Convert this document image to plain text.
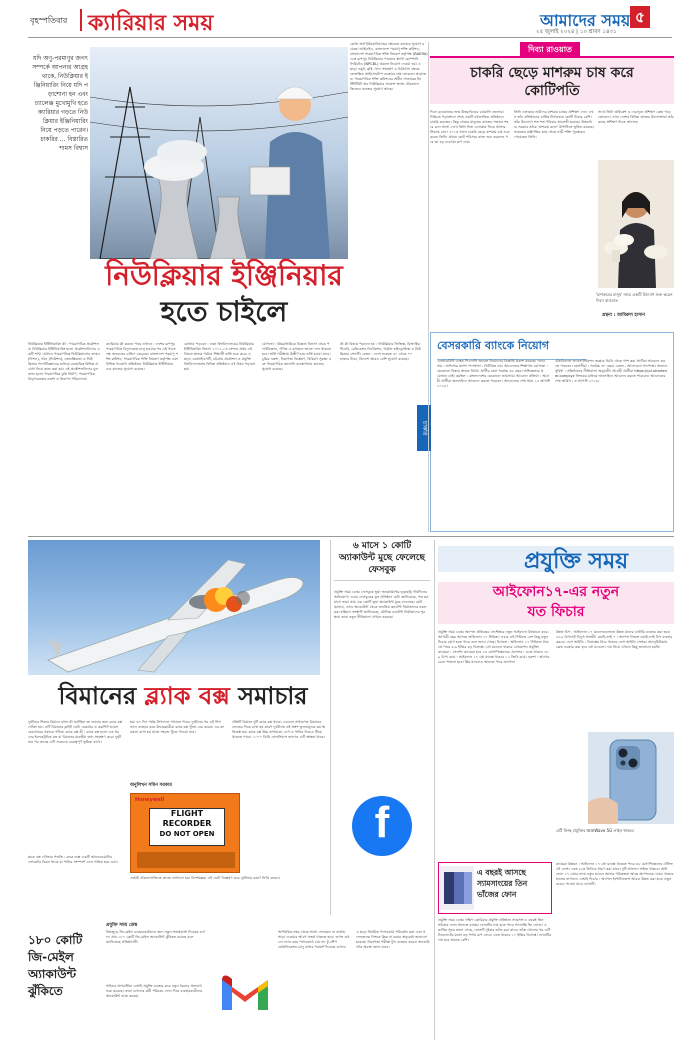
বৃহস্পতিবার ক্যারিয়ার সময়	আমাদের সময় ৫
২৫ জুলাই ২০২৪ | ১০ শ্রাবণ ১৪৩১
যদি অণু-পরমাণুর জগৎ সম্পর্কে আপনার আগ্রহ থাকে, নিউক্লিয়ার ইঞ্জিনিয়ারিং নিয়ে যদি পড়াশোনা হন এবং চ্যালেঞ্জ মুখোমুখি হতে ক্যারিয়ার গড়তে নিউক্লিয়ার ইঞ্জিনিয়ারিং নিয়ে পড়তে পারেন। চাকরির ... বিস্তারিত শামস বিশ্বাস
নিউক্লিয়ার ইঞ্জিনিয়ার
হতে চাইলে
নিউক্লিয়ার ইঞ্জিনিয়ারিং কী : পারমাণবিক প্রকৌশল বা নিউক্লিয়ার ইঞ্জিনিয়ারিং হলো প্রকৌশলবিদ্যার একটি শাখা যেখানে পারমাণবিক নিউক্লিয়াসের ভাঙন (ফিশন), গঠন (ফিউশন), তেজস্ক্রিয়তা ও নিউক্লিয়ার পদার্থবিজ্ঞানের মাধ্যমে ব্যবহারিক বিভিন্ন প্রয়োগ নিয়ে কাজ করা হয়। এই প্রকৌশলবিদ্যার মূল কাজ হলো পারমাণবিক চুল্লি নির্মাণ, পারমাণবিক বিদ্যুৎকেন্দ্রের নকশা ও নিরাপদ পরিচালনা।
ক্যারিয়ার কী করতে পারে ওখানে : দেশের রূপপুর পারমাণবিক বিদ্যুৎকেন্দ্র চালু হওয়ার পর এই খাতে দক্ষ জনবলের চাহিদা বেড়েছে। বাংলাদেশ পরমাণু শক্তি কমিশন, পারমাণবিক শক্তি নিয়ন্ত্রণ কর্তৃপক্ষ এবং বিভিন্ন গবেষণা প্রতিষ্ঠানে নিউক্লিয়ার ইঞ্জিনিয়ারদের কাজের সুযোগ রয়েছে।
কোথায় পড়বেন : ঢাকা বিশ্ববিদ্যালয়ের নিউক্লিয়ার ইঞ্জিনিয়ারিং বিভাগ ২০১২-১৩ সেশনে প্রথম এই বিষয়ে স্নাতক পর্যায়ে শিক্ষার্থী ভর্তি শুরু করে। এ ছাড়া এমআইএসটি, চট্টগ্রাম প্রকৌশল ও প্রযুক্তি বিশ্ববিদ্যালয়সহ বিভিন্ন প্রতিষ্ঠানে এই বিষয় পড়ানো হয়।
যোগ্যতা : উচ্চমাধ্যমিকে বিজ্ঞান বিভাগ থেকে পদার্থবিজ্ঞান, গণিত ও রসায়নে ভালো ফল থাকতে হবে। ভর্তি পরীক্ষায় উত্তীর্ণ হয়ে ভর্তি হওয়া যাবে। চুল্লির নকশা, নিরাপত্তা বিশ্লেষণ, বিকিরণ সুরক্ষা এবং পারমাণবিক জ্বালানি ব্যবস্থাপনায় কাজের সুযোগ রয়েছে।
কী কী বিষয়ে পড়ানো হয় : নিউক্লিয়ার ফিজিক্স, রিঅ্যাক্টর থিওরি, রেডিয়েশন ডিটেকশন, থার্মাল হাইড্রোলিক্স ও নিউক্লিয়ার সেফটি। বেতন : দেশে শুরুতে ৪০ থেকে ৭০ হাজার টাকা, বিদেশে আরও বেশি সুযোগ রয়েছে।
কোথা অর্থ ইউরোনিয়ামের ক্ষেত্রেও কাজের সুযোগ রয়েছে। আইএইএ, বাংলাদেশ পরমাণু শক্তি কমিশন, বাংলাদেশ পারমাণবিক শক্তি নিয়ন্ত্রণ কর্তৃপক্ষ (BAERA) এবং রূপপুর নিউক্লিয়ার পাওয়ার প্ল্যান্ট কোম্পানি লিমিটেড (NPCBL) প্রকল্পে নিয়োগ দেওয়া হয়। এ ছাড়া ওষুধ, কৃষি, খাদ্য সংরক্ষণ ও চিকিৎসা ক্ষেত্রে তেজস্ক্রিয় আইসোটোপ ব্যবহারে দক্ষ লোকবল প্রয়োজন। পারমাণবিক শক্তি কমিশনের অধীন সাভারের ইনস্টিটিউট অব নিউক্লিয়ার সায়েন্স অ্যান্ড টেকনোলজিতেও কাজের সুযোগ আছে।
দিব্যা রাওয়াত
চাকরি ছেড়ে মাশরুম চাষ করে কোটিপতি
দিব্যা রাওয়াতের জন্ম উত্তরাখণ্ডের চামোলি জেলায়। দিল্লিতে পড়াশোনা শেষে একটি বহুজাতিক প্রতিষ্ঠানে চাকরি করতেন। কিন্তু গ্রামের মানুষের কাজের সন্ধানে শহরে চলে আসা দেখে তিনি নিজ এলাকায় ফিরে আসার সিদ্ধান্ত নেন। ২০১৩ সালে চাকরি ছেড়ে মাশরুম চাষ শুরু করেন তিনি। প্রথমে ছোট পরিসরে কাজ শুরু করলেও পরে তা বড় ব্যবসায় রূপ নেয়।
তিনি এলাকার নারীদের মাশরুম চাষের প্রশিক্ষণ দেন। এখন তাঁর প্রতিষ্ঠানের বার্ষিক টার্নওভার কোটি টাকার বেশি। তাঁর উদ্যোগে শত শত পরিবার স্বাবলম্বী হয়েছে। উত্তরাখণ্ড সরকার তাঁকে 'মাশরুম কন্যা' উপাধিতে ভূষিত করেছে। ভারতের রাষ্ট্রপতির কাছ থেকে নারী শক্তি পুরস্কারও পেয়েছেন তিনি।
সাথে তিনি ঋষিকেশ ও দেরাদুনে প্রশিক্ষণ কেন্দ্র গড়ে তোলেন। এখন দেশের বিভিন্ন প্রান্তের উদ্যোক্তারা তাঁর কাছে প্রশিক্ষণ নিতে আসেন।
'মাশরুমের মানুষ' নামে একটি উদ্যোগ শুরু করেন দিব্যা রাওয়াত
গ্রন্থনা : আমিরুল হাসান
বেসরকারি ব্যাংকে নিয়োগ
চাকরি
এনআরবিসি ব্যাংক পিএলসি জনবল নিয়োগের বিজ্ঞপ্তি প্রকাশ করেছে। পদের নাম : অফিসার ক্যাশ। পদসংখ্যা : নির্ধারিত নয়। আবেদনের শিক্ষাগত যোগ্যতা : যেকোনো বিষয়ে স্নাতক ডিগ্রি। প্রার্থীর বয়স সর্বোচ্চ ৩২ বছর। অভিজ্ঞতার প্রয়োজন নেই। কর্মস্থল : বাংলাদেশের যেকোনো জায়গায়। আবেদন প্রক্রিয়া : আগ্রহী প্রার্থীরা অনলাইনে আবেদন করতে পারবেন। আবেদনের শেষ সময় ১৫ আগস্ট ২০২৪।
টেকনিক্যাল অ্যাসোসিয়েশন জব্বার ডিগ্রি থেকে পাশ করা প্রার্থীরা আবেদন করতে পারবেন। বয়সসীমা : সর্বোচ্চ ৩০ বছর। বেতন : আলোচনা সাপেক্ষে। অন্যান্য সুবিধা : প্রতিষ্ঠানের নীতিমালা অনুযায়ী। আগ্রহী প্রার্থীরা https://url-shortener.com/xyz লিংকের মাধ্যমে অনলাইনে আবেদন করতে পারবেন। আবেদনের শেষ তারিখ : ৩ আগস্ট ২০২৪।
বিমানের ব্ল্যাক বক্স সমাচার
দুর্ঘটনার শিকার বিমানে কখন কী ঘটেছিল তা জানার জন্য ব্ল্যাক বক্স খোঁজা হয়। এটি বিমানের ফ্লাইট ডেটা রেকর্ডার ও ককপিট ভয়েস রেকর্ডারের সমন্বয়ে গঠিত। ব্ল্যাক বক্স কী : ব্ল্যাক বক্স হলো এক ধরনের ইলেকট্রনিক যন্ত্র যা বিমানের যাবতীয় তথ্য সংরক্ষণ করে। দুর্ঘটনার পর তদন্তে এটি সবচেয়ে গুরুত্বপূর্ণ ভূমিকা রাখে।
হয়। ৩০ দিন পর্যন্ত সিগন্যাল পাঠাতে পারে। দুর্ঘটনার পর এই সিগন্যাল ব্যবহার করে উদ্ধারকারীরা ব্ল্যাক বক্স খুঁজে বের করেন। এর রং কমলা রাখা হয় যাতে সহজে খুঁজে পাওয়া যায়।
অনুলিখন সমিন সরকার
প্রতিটি বিমানে দুটি ব্ল্যাক বক্স থাকে। এগুলো সাধারণত বিমানের লেজের দিকে রাখা হয় কারণ দুর্ঘটনায় ওই অংশ তুলনামূলক কম ক্ষতিগ্রস্ত হয়। ব্ল্যাক বক্স উচ্চ তাপমাত্রা, চাপ ও পানির নিচেও টিকে থাকতে পারে। ১১০০ ডিগ্রি সেলসিয়াস তাপেও এটি অক্ষত থাকে।
Honeywell
FLIGHT
RECORDER
DO NOT OPEN
ব্ল্যাক বক্স খোঁজার পদ্ধতি : ব্ল্যাক বক্সে একটি আন্ডারওয়াটার লোকেটর বিকন থাকে যা পানির সংস্পর্শে এলে সক্রিয় হয়ে ওঠে।
এআই টেকনোলজিতে কাজে লাগানো হয়। বিশেষজ্ঞরা এই ডেটা বিশ্লেষণ করে দুর্ঘটনার কারণ নির্ণয় করেন।
৬ মাসে ১ কোটি অ্যাকাউন্ট মুছে ফেলেছে ফেসবুক
প্রযুক্তি সময় ডেস্ক। ফেসবুকে ভুয়া অ্যাকাউন্টের ছড়াছড়ি দীর্ঘদিনের অভিযোগ। এবার ফেসবুকের মূল প্রতিষ্ঠান মেটা জানিয়েছে, গত ছয় মাসে তারা প্রায় এক কোটি ভুয়া অ্যাকাউন্ট মুছে ফেলেছে। মেটা জানায়, এসব অ্যাকাউন্ট থেকে জনপ্রিয় কনটেন্ট নির্মাতাদের নকল করা হচ্ছিল। সংস্থাটি জানিয়েছে, মৌলিক কনটেন্ট নির্মাতাদের সুরক্ষায় তারা নতুন নীতিমালা প্রণয়ন করেছে।
f
প্রযুক্তি সময়
আইফোন১৭-এর নতুন
যত ফিচার
প্রযুক্তি সময় ডেস্ক। অ্যাপল প্রতিবছর সেপ্টেম্বরে নতুন আইফোন উন্মোচন করে। আগামী বছর আসছে আইফোন ১৭ সিরিজ। এবার এই সিরিজে বেশ কিছু নতুন ফিচার যোগ হতে পারে বলে জানা গেছে। ডিসপ্লে : আইফোন ১৭ সিরিজে থাকতে পারে ৬.৬ ইঞ্চির বড় ডিসপ্লে। প্রো মডেলে থাকবে প্রোমোশন প্রযুক্তি। ক্যামেরা : সেলফি ক্যামেরা হবে ২৪ মেগাপিক্সেলের। প্রসেসর : এতে থাকবে এ১৯ চিপ। র‍্যাম : আইফোন ১৭ প্রো ম্যাক্সে থাকবে ১২ জিবি র‍্যাম। নকশা : আগের চেয়ে পাতলা হবে। স্লিম মডেলও আনতে পারে অ্যাপল।
উন্নত চিপ : আইফোন ১৭ মডেলগুলোতে উন্নত মানের ব্যাটারি ব্যবহার করা হবে। এ১৯ চিপসেট বিদ্যুৎ সাশ্রয়ী। ওয়াই-ফাই ৭ : অ্যাপল নিজস্ব ওয়াই-ফাই চিপ ব্যবহার করবে। ফেস আইডি : ডিসপ্লের নিচে থাকবে ফেস আইডি সেন্সর। অ্যালুমিনিয়াম ফ্রেম ব্যবহার করা হবে প্রো মডেলে। দাম নিয়ে এখনো কিছু জানানো হয়নি।
এটি ফিচ্ছ প্রযুক্তির mmWave 5G লাইন থাকবে
ক্যামেরা উন্নয়ন : আইফোন ১৭ প্রো ম্যাক্সে থাকতে পারে ৪৮ মেগাপিক্সেলের টেলিফটো লেন্স। এতে ৮কে ভিডিও ধারণ করা যাবে। দুটি আলাদা সাইজ থাকবে। আইফোন ১৭ এয়ার নামে নতুন মডেল আনার পরিকল্পনা আছে অ্যাপলের। দামও থাকবে হাতের নাগালে। এআই ফিচার : অ্যাপল ইন্টেলিজেন্স আরও উন্নত করা হবে। নতুন রঙেও পাওয়া যাবে ফোনটি।
এ বছরই আসছে স্যামসাংয়ের তিন ভাঁজের ফোন
প্রযুক্তি সময় ডেস্ক। দক্ষিণ কোরিয়ার প্রযুক্তি প্রতিষ্ঠান স্যামসাং এ বছরই তিন ভাঁজের ফোন আনতে যাচ্ছে। ফোনটির নাম হতে পারে গ্যালাক্সি জি ফোল্ড। একাধিক সূত্রে জানা গেছে, ফোনটি দুইবার ভাঁজ করা যাবে। ভাঁজ খোলার পর এটি ট্যাবলেটের মতো বড় পর্দায় রূপ নেবে। এতে থাকবে ১০ ইঞ্চির ডিসপ্লে। ফোনটির দাম হবে অনেক বেশি।
১৮০ কোটি জি-মেইল অ্যাকাউন্ট ঝুঁকিতে
প্রযুক্তি সময় ডেস্ক
বিশ্বজুড়ে জি-মেইল ব্যবহারকারীদের জন্য নতুন সতর্কবার্তা দিয়েছে গুগল। প্রায় ১৮০ কোটি জি-মেইল অ্যাকাউন্ট ঝুঁকিতে রয়েছে বলে জানিয়েছে প্রতিষ্ঠানটি।
সাইবার অপরাধীরা এআই প্রযুক্তি ব্যবহার করে নতুন ধরনের প্রতারণা শুরু করেছে। তারা গুগলের কর্মী পরিচয়ে ফোন দিয়ে ব্যবহারকারীদের অ্যাকাউন্ট হ্যাক করছে।
অপরিচিত নম্বর থেকে আসা ফোনকল বা বার্তায় সাড়া দেওয়ার আগে সতর্ক থাকতে হবে। গুগল কখনো ফোন করে পাসওয়ার্ড চায় না। টু-স্টেপ ভেরিফিকেশন চালু রাখার পরামর্শ দিয়েছে গুগল।
এ ছাড়া নিয়মিত পাসওয়ার্ড পরিবর্তন করা এবং সন্দেহজনক লিংকে ক্লিক না করার অনুরোধ জানানো হয়েছে। নিরাপত্তা পরীক্ষা টুল ব্যবহার করেও অ্যাকাউন্টের অবস্থা জানা যাবে।
